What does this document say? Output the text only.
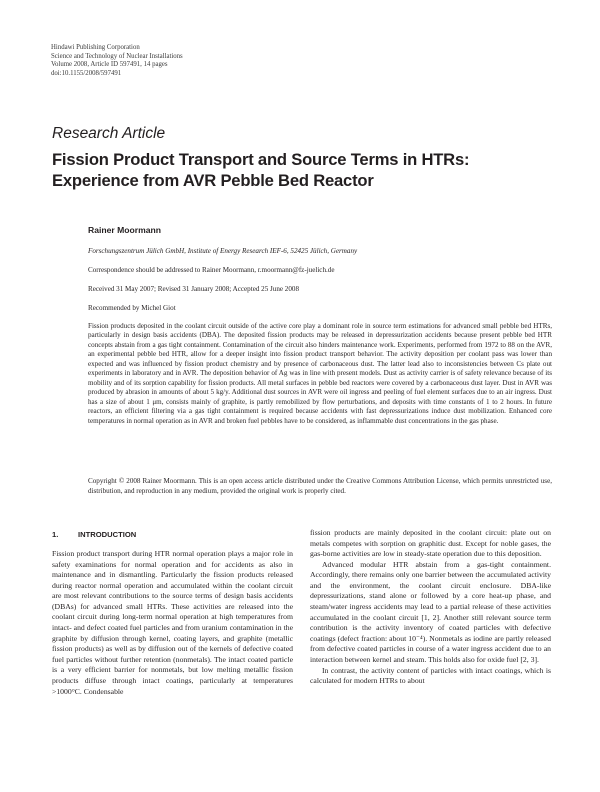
Hindawi Publishing Corporation
Science and Technology of Nuclear Installations
Volume 2008, Article ID 597491, 14 pages
doi:10.1155/2008/597491
Research Article
Fission Product Transport and Source Terms in HTRs:
Experience from AVR Pebble Bed Reactor
Rainer Moormann
Forschungszentrum Jülich GmbH, Institute of Energy Research IEF-6, 52425 Jülich, Germany
Correspondence should be addressed to Rainer Moormann, r.moormann@fz-juelich.de
Received 31 May 2007; Revised 31 January 2008; Accepted 25 June 2008
Recommended by Michel Giot
Fission products deposited in the coolant circuit outside of the active core play a dominant role in source term estimations for advanced small pebble bed HTRs, particularly in design basis accidents (DBA). The deposited fission products may be released in depressurization accidents because present pebble bed HTR concepts abstain from a gas tight containment. Contamination of the circuit also hinders maintenance work. Experiments, performed from 1972 to 88 on the AVR, an experimental pebble bed HTR, allow for a deeper insight into fission product transport behavior. The activity deposition per coolant pass was lower than expected and was influenced by fission product chemistry and by presence of carbonaceous dust. The latter lead also to inconsistencies between Cs plate out experiments in laboratory and in AVR. The deposition behavior of Ag was in line with present models. Dust as activity carrier is of safety relevance because of its mobility and of its sorption capability for fission products. All metal surfaces in pebble bed reactors were covered by a carbonaceous dust layer. Dust in AVR was produced by abrasion in amounts of about 5 kg/y. Additional dust sources in AVR were oil ingress and peeling of fuel element surfaces due to an air ingress. Dust has a size of about 1 μm, consists mainly of graphite, is partly remobilized by flow perturbations, and deposits with time constants of 1 to 2 hours. In future reactors, an efficient filtering via a gas tight containment is required because accidents with fast depressurizations induce dust mobilization. Enhanced core temperatures in normal operation as in AVR and broken fuel pebbles have to be considered, as inflammable dust concentrations in the gas phase.
Copyright © 2008 Rainer Moormann. This is an open access article distributed under the Creative Commons Attribution License, which permits unrestricted use, distribution, and reproduction in any medium, provided the original work is properly cited.
1.	INTRODUCTION

Fission product transport during HTR normal operation plays a major role in safety examinations for normal operation and for accidents as also in maintenance and in dismantling. Particularly the fission products released during reactor normal operation and accumulated within the coolant circuit are most relevant contributions to the source terms of design basis accidents (DBAs) for advanced small HTRs. These activities are released into the coolant circuit during long-term normal operation at high temperatures from intact- and defect coated fuel particles and from uranium contamination in the graphite by diffusion through kernel, coating layers, and graphite (metallic fission products) as well as by diffusion out of the kernels of defective coated fuel particles without further retention (nonmetals). The intact coated particle is a very efficient barrier for nonmetals, but low melting metallic fission products diffuse through intact coatings, particularly at temperatures >1000°C. Condensable

fission products are mainly deposited in the coolant circuit: plate out on metals competes with sorption on graphitic dust. Except for noble gases, the gas-borne activities are low in steady-state operation due to this deposition.

Advanced modular HTR abstain from a gas-tight containment. Accordingly, there remains only one barrier between the accumulated activity and the environment, the coolant circuit enclosure. DBA-like depressurizations, stand alone or followed by a core heat-up phase, and steam/water ingress accidents may lead to a partial release of these activities accumulated in the coolant circuit [1, 2]. Another still relevant source term contribution is the activity inventory of coated particles with defective coatings (defect fraction: about 10⁻⁴). Nonmetals as iodine are partly released from defective coated particles in course of a water ingress accident due to an interaction between kernel and steam. This holds also for oxide fuel [2, 3].

In contrast, the activity content of particles with intact coatings, which is calculated for modern HTRs to about
